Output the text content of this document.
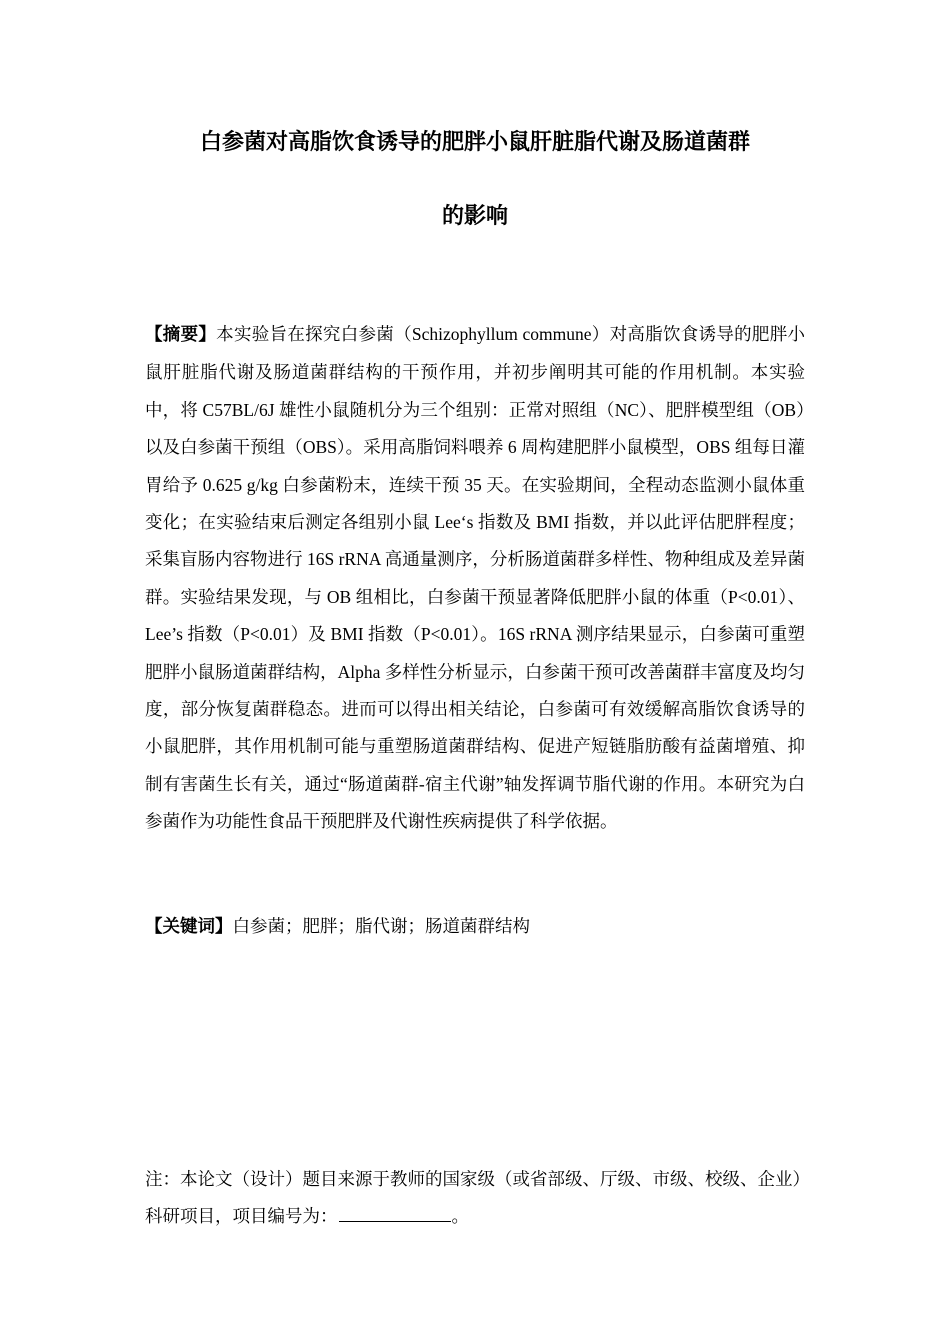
白参菌对高脂饮食诱导的肥胖小鼠肝脏脂代谢及肠道菌群
的影响

【摘要】本实验旨在探究白参菌（Schizophyllum commune）对高脂饮食诱导的肥胖小鼠肝脏脂代谢及肠道菌群结构的干预作用，并初步阐明其可能的作用机制。本实验中，将 C57BL/6J 雄性小鼠随机分为三个组别：正常对照组（NC）、肥胖模型组（OB）以及白参菌干预组（OBS）。采用高脂饲料喂养 6 周构建肥胖小鼠模型，OBS 组每日灌胃给予 0.625 g/kg 白参菌粉末，连续干预 35 天。在实验期间，全程动态监测小鼠体重变化；在实验结束后测定各组别小鼠 Lee‘s 指数及 BMI 指数，并以此评估肥胖程度；采集盲肠内容物进行 16S rRNA 高通量测序，分析肠道菌群多样性、物种组成及差异菌群。实验结果发现，与 OB 组相比，白参菌干预显著降低肥胖小鼠的体重（P<0.01）、Lee’s 指数（P<0.01）及 BMI 指数（P<0.01）。16S rRNA 测序结果显示，白参菌可重塑肥胖小鼠肠道菌群结构，Alpha 多样性分析显示，白参菌干预可改善菌群丰富度及均匀度，部分恢复菌群稳态。进而可以得出相关结论，白参菌可有效缓解高脂饮食诱导的小鼠肥胖，其作用机制可能与重塑肠道菌群结构、促进产短链脂肪酸有益菌增殖、抑制有害菌生长有关，通过“肠道菌群-宿主代谢”轴发挥调节脂代谢的作用。本研究为白参菌作为功能性食品干预肥胖及代谢性疾病提供了科学依据。

【关键词】白参菌；肥胖；脂代谢；肠道菌群结构

注：本论文（设计）题目来源于教师的国家级（或省部级、厅级、市级、校级、企业）科研项目，项目编号为：	。
